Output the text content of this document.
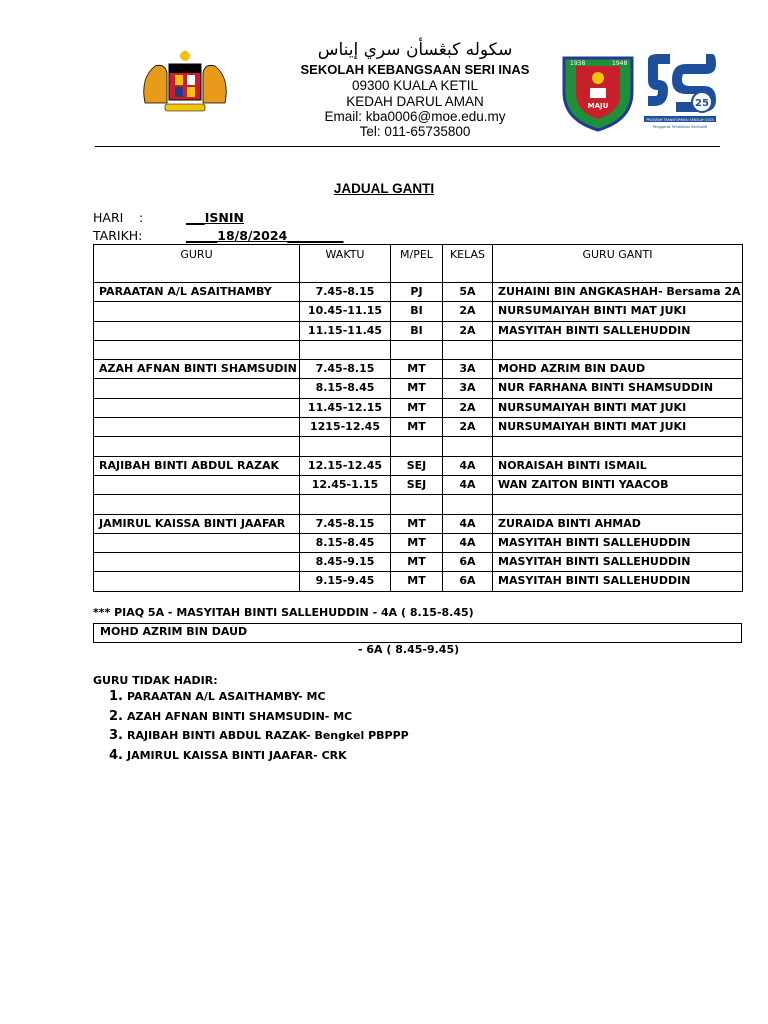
سکوله کبڠسأن سري إيناس
SEKOLAH KEBANGSAAN SERI INAS
09300 KUALA KETIL
KEDAH DARUL AMAN
Email: kba0006@moe.edu.my
Tel: 011-65735800
1938	1948
MAJU	25
PROGRAM TRANSFORMASI SEKOLAH 2025
Penggerak Pendidikan Berkualiti
JADUAL GANTI
HARI :	___ISNIN
TARIKH:	_____18/8/2024_________
GURU	WAKTU	M/PEL	KELAS	GURU GANTI
PARAATAN A/L ASAITHAMBY	7.45-8.15	PJ	5A	ZUHAINI BIN ANGKASHAH- Bersama 2A
	10.45-11.15	BI	2A	NURSUMAIYAH BINTI MAT JUKI
	11.15-11.45	BI	2A	MASYITAH BINTI SALLEHUDDIN

AZAH AFNAN BINTI SHAMSUDIN	7.45-8.15	MT	3A	MOHD AZRIM BIN DAUD
	8.15-8.45	MT	3A	NUR FARHANA BINTI SHAMSUDDIN
	11.45-12.15	MT	2A	NURSUMAIYAH BINTI MAT JUKI
	1215-12.45	MT	2A	NURSUMAIYAH BINTI MAT JUKI

RAJIBAH BINTI ABDUL RAZAK	12.15-12.45	SEJ	4A	NORAISAH BINTI ISMAIL
	12.45-1.15	SEJ	4A	WAN ZAITON BINTI YAACOB

JAMIRUL KAISSA BINTI JAAFAR	7.45-8.15	MT	4A	ZURAIDA BINTI AHMAD
	8.15-8.45	MT	4A	MASYITAH BINTI SALLEHUDDIN
	8.45-9.15	MT	6A	MASYITAH BINTI SALLEHUDDIN
	9.15-9.45	MT	6A	MASYITAH BINTI SALLEHUDDIN
*** PIAQ 5A - MASYITAH BINTI SALLEHUDDIN - 4A ( 8.15-8.45)
MOHD AZRIM BIN DAUD
- 6A ( 8.45-9.45)
GURU TIDAK HADIR:
1. PARAATAN A/L ASAITHAMBY- MC
2. AZAH AFNAN BINTI SHAMSUDIN- MC
3. RAJIBAH BINTI ABDUL RAZAK- Bengkel PBPPP
4. JAMIRUL KAISSA BINTI JAAFAR- CRK
